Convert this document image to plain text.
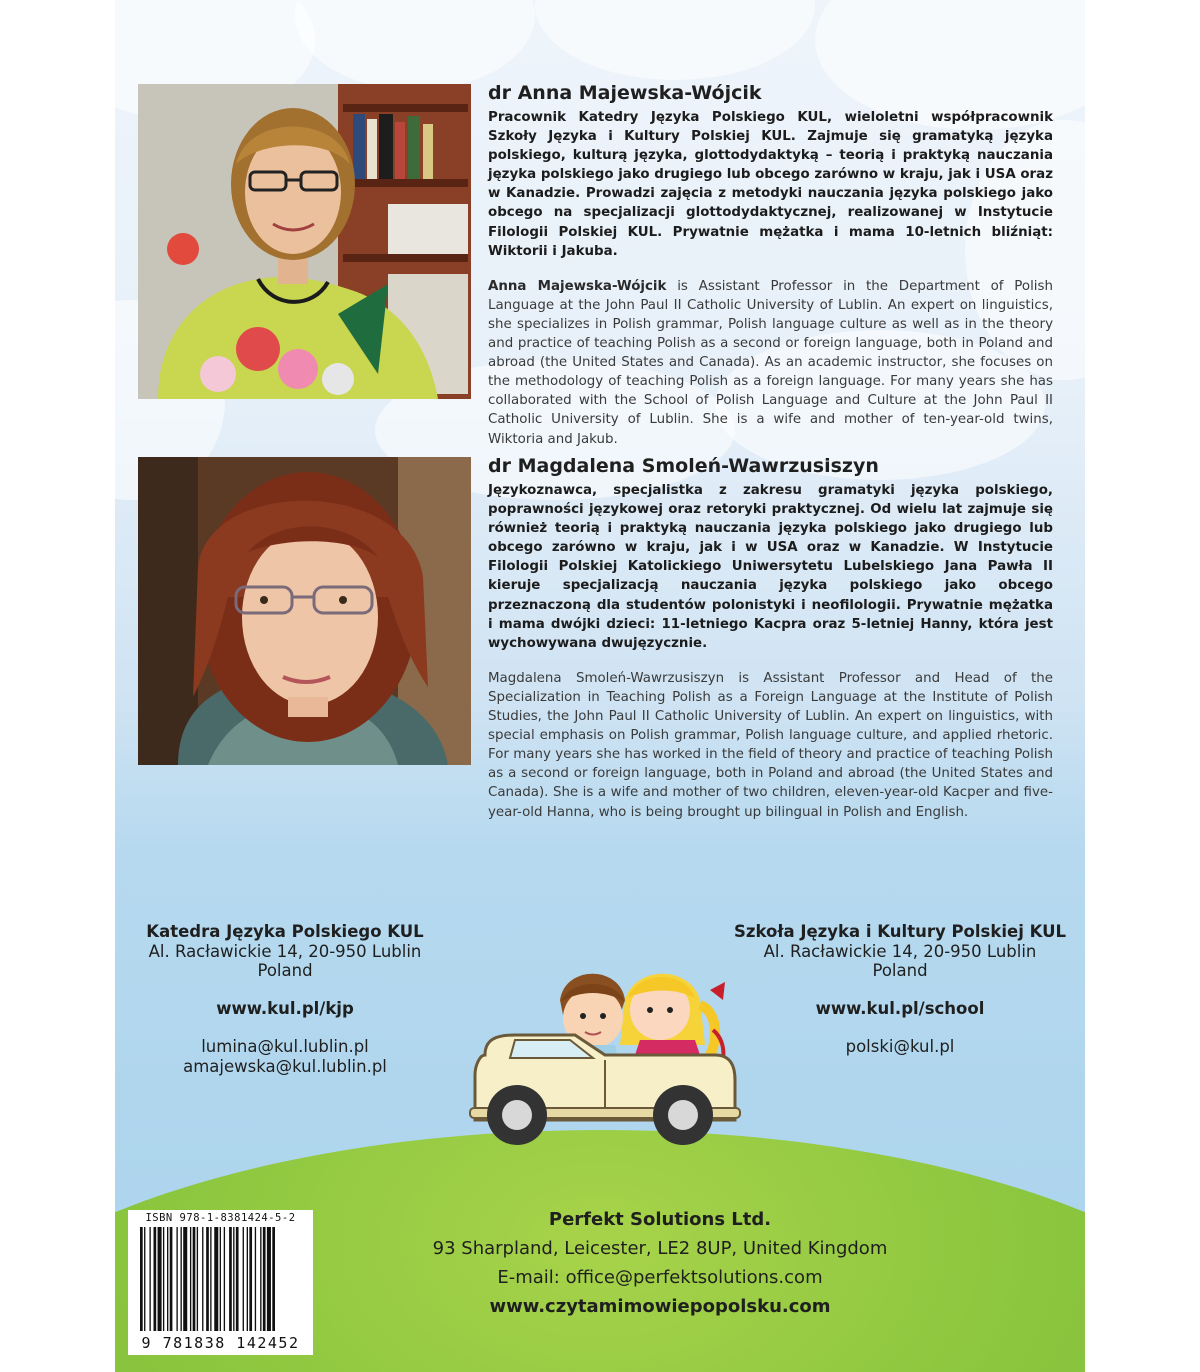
dr Anna Majewska-Wójcik

Pracownik Katedry Języka Polskiego KUL, wieloletni współpracownik Szkoły Języka i Kultury Polskiej KUL. Zajmuje się gramatyką języka polskiego, kulturą języka, glottodydaktyką – teorią i praktyką nauczania języka polskiego jako drugiego lub obcego zarówno w kraju, jak i USA oraz w Kanadzie. Prowadzi zajęcia z metodyki nauczania języka polskiego jako obcego na specjalizacji glottodydaktycznej, realizowanej w Instytucie Filologii Polskiej KUL. Prywatnie mężatka i mama 10-letnich bliźniąt: Wiktorii i Jakuba.

Anna Majewska-Wójcik is Assistant Professor in the Department of Polish Language at the John Paul II Catholic University of Lublin. An expert on linguistics, she specializes in Polish grammar, Polish language culture as well as in the theory and practice of teaching Polish as a second or foreign language, both in Poland and abroad (the United States and Canada). As an academic instructor, she focuses on the methodology of teaching Polish as a foreign language. For many years she has collaborated with the School of Polish Language and Culture at the John Paul II Catholic University of Lublin. She is a wife and mother of ten-year-old twins, Wiktoria and Jakub.

dr Magdalena Smoleń-Wawrzusiszyn

Językoznawca, specjalistka z zakresu gramatyki języka polskiego, poprawności językowej oraz retoryki praktycznej. Od wielu lat zajmuje się również teorią i praktyką nauczania języka polskiego jako drugiego lub obcego zarówno w kraju, jak i w USA oraz w Kanadzie. W Instytucie Filologii Polskiej Katolickiego Uniwersytetu Lubelskiego Jana Pawła II kieruje specjalizacją nauczania języka polskiego jako obcego przeznaczoną dla studentów polonistyki i neofilologii. Prywatnie mężatka i mama dwójki dzieci: 11-letniego Kacpra oraz 5-letniej Hanny, która jest wychowywana dwujęzycznie.

Magdalena Smoleń-Wawrzusiszyn is Assistant Professor and Head of the Specialization in Teaching Polish as a Foreign Language at the Institute of Polish Studies, the John Paul II Catholic University of Lublin. An expert on linguistics, with special emphasis on Polish grammar, Polish language culture, and applied rhetoric. For many years she has worked in the field of theory and practice of teaching Polish as a second or foreign language, both in Poland and abroad (the United States and Canada). She is a wife and mother of two children, eleven-year-old Kacper and five-year-old Hanna, who is being brought up bilingual in Polish and English.

Katedra Języka Polskiego KUL
Al. Racławickie 14, 20-950 Lublin
Poland
www.kul.pl/kjp
lumina@kul.lublin.pl
amajewska@kul.lublin.pl
Szkoła Języka i Kultury Polskiej KUL
Al. Racławickie 14, 20-950 Lublin
Poland
www.kul.pl/school
polski@kul.pl
ISBN 978-1-8381424-5-2
9 781838 142452
Perfekt Solutions Ltd.
93 Sharpland, Leicester, LE2 8UP, United Kingdom
E-mail: office@perfektsolutions.com
www.czytamimowiepopolsku.com
